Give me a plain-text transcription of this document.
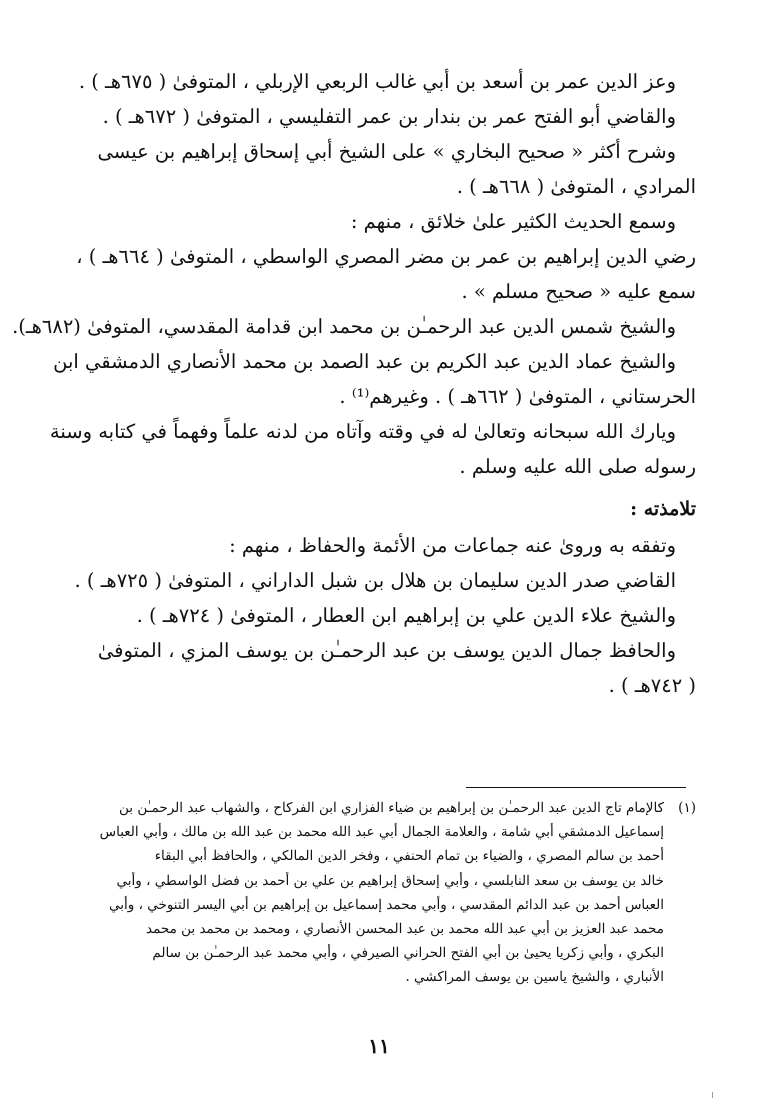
وعز الدين عمر بن أسعد بن أبي غالب الربعي الإربلي ، المتوفىٰ ( ٦٧٥هـ ) .

والقاضي أبو الفتح عمر بن بندار بن عمر التفليسي ، المتوفىٰ ( ٦٧٢هـ ) .

وشرح أكثر « صحيح البخاري » على الشيخ أبي إسحاق إبراهيم بن عيسى

المرادي ، المتوفىٰ ( ٦٦٨هـ ) .

وسمع الحديث الكثير علىٰ خلائق ، منهم :

رضي الدين إبراهيم بن عمر بن مضر المصري الواسطي ، المتوفىٰ ( ٦٦٤هـ ) ،

سمع عليه « صحيح مسلم » .

والشيخ شمس الدين عبد الرحمـٰن بن محمد ابن قدامة المقدسي، المتوفىٰ (٦٨٢هـ).

والشيخ عماد الدين عبد الكريم بن عبد الصمد بن محمد الأنصاري الدمشقي ابن

الحرستاني ، المتوفىٰ ( ٦٦٢هـ ) . وغيرهم⁽¹⁾ .

ويارك الله سبحانه وتعالىٰ له في وقته وآتاه من لدنه علماً وفهماً في كتابه وسنة

رسوله صلى الله عليه وسلم .

تلامذته :

وتفقه به وروىٰ عنه جماعات من الأئمة والحفاظ ، منهم :

القاضي صدر الدين سليمان بن هلال بن شبل الداراني ، المتوفىٰ ( ٧٢٥هـ ) .

والشيخ علاء الدين علي بن إبراهيم ابن العطار ، المتوفىٰ ( ٧٢٤هـ ) .

والحافظ جمال الدين يوسف بن عبد الرحمـٰن بن يوسف المزي ، المتوفىٰ

( ٧٤٢هـ ) .

(١)كالإمام تاج الدين عبد الرحمـٰن بن إبراهيم بن ضياء الفزاري ابن الفركاح ، والشهاب عبد الرحمـٰن بن

إسماعيل الدمشقي أبي شامة ، والعلامة الجمال أبي عبد الله محمد بن عبد الله بن مالك ، وأبي العباس

أحمد بن سالم المصري ، والضياء بن تمام الحنفي ، وفخر الدين المالكي ، والحافظ أبي البقاء

خالد بن يوسف بن سعد النابلسي ، وأبي إسحاق إبراهيم بن علي بن أحمد بن فضل الواسطي ، وأبي

العباس أحمد بن عبد الدائم المقدسي ، وأبي محمد إسماعيل بن إبراهيم بن أبي اليسر التنوخي ، وأبي

محمد عبد العزيز بن أبي عبد الله محمد بن عبد المحسن الأنصاري ، ومحمد بن محمد بن محمد

البكري ، وأبي زكريا يحيىٰ بن أبي الفتح الحراني الصيرفي ، وأبي محمد عبد الرحمـٰن بن سالم

الأنباري ، والشيخ ياسين بن يوسف المراكشي .

١١
